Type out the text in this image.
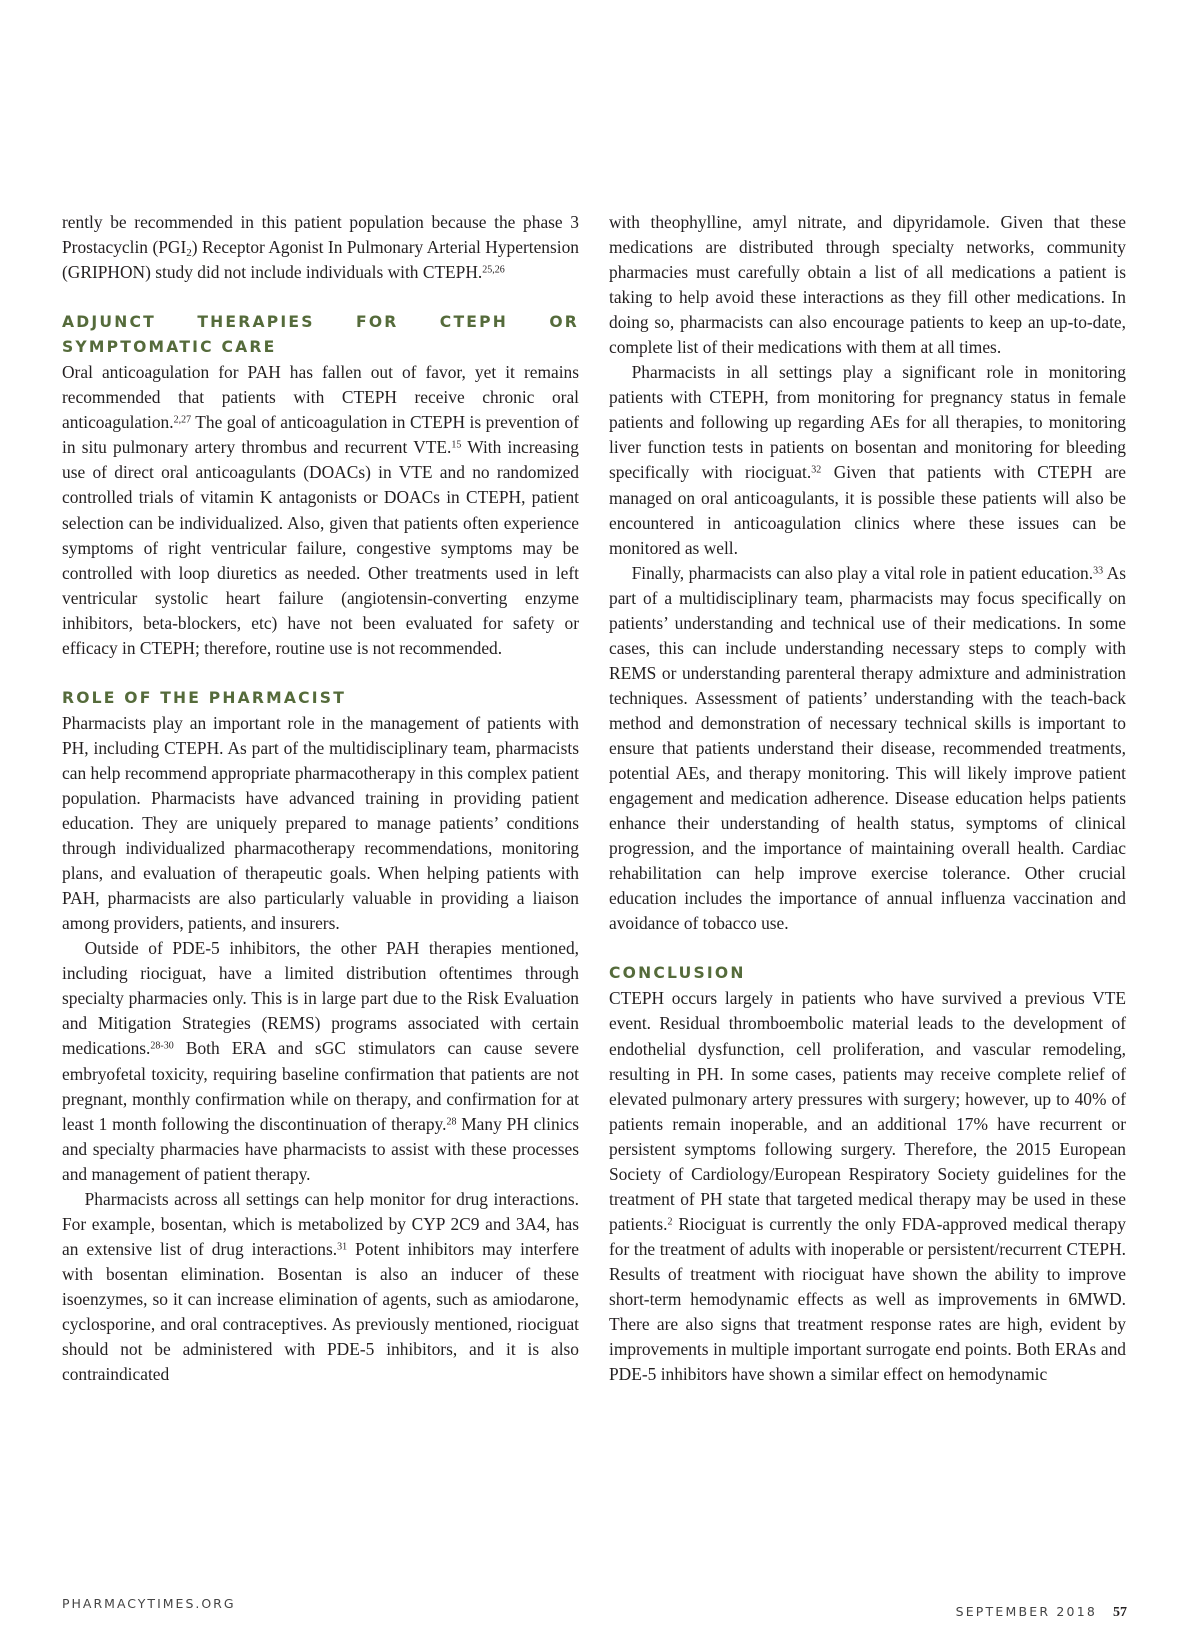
rently be recommended in this patient population because the phase 3 Prostacyclin $(PGI_2)$ Receptor Agonist In Pulmonary Arterial Hypertension (GRIPHON) study did not include individuals with CTEPH.$^{25,26}$

ADJUNCT THERAPIES FOR CTEPH OR SYMPTOMATIC CARE

Oral anticoagulation for PAH has fallen out of favor, yet it remains recommended that patients with CTEPH receive chronic oral anticoagulation.$^{2,27}$ The goal of anticoagulation in CTEPH is prevention of in situ pulmonary artery thrombus and recurrent VTE.$^{15}$ With increasing use of direct oral anticoagulants (DOACs) in VTE and no randomized controlled trials of vitamin K antagonists or DOACs in CTEPH, patient selection can be individualized. Also, given that patients often experience symptoms of right ventricular failure, congestive symptoms may be controlled with loop diuretics as needed. Other treatments used in left ventricular systolic heart failure (angiotensin-converting enzyme inhibitors, beta-blockers, etc) have not been evaluated for safety or efficacy in CTEPH; therefore, routine use is not recommended.

ROLE OF THE PHARMACIST

Pharmacists play an important role in the management of patients with PH, including CTEPH. As part of the multidisciplinary team, pharmacists can help recommend appropriate pharmacotherapy in this complex patient population. Pharmacists have advanced training in providing patient education. They are uniquely prepared to manage patients’ conditions through individualized pharmacotherapy recommendations, monitoring plans, and evaluation of therapeutic goals. When helping patients with PAH, pharmacists are also particularly valuable in providing a liaison among providers, patients, and insurers.

Outside of PDE-5 inhibitors, the other PAH therapies mentioned, including riociguat, have a limited distribution oftentimes through specialty pharmacies only. This is in large part due to the Risk Evaluation and Mitigation Strategies (REMS) programs associated with certain medications.$^{28-30}$ Both ERA and sGC stimulators can cause severe embryofetal toxicity, requiring baseline confirmation that patients are not pregnant, monthly confirmation while on therapy, and confirmation for at least 1 month following the discontinuation of therapy.$^{28}$ Many PH clinics and specialty pharmacies have pharmacists to assist with these processes and management of patient therapy.

Pharmacists across all settings can help monitor for drug interactions. For example, bosentan, which is metabolized by CYP 2C9 and 3A4, has an extensive list of drug interactions.$^{31}$ Potent inhibitors may interfere with bosentan elimination. Bosentan is also an inducer of these isoenzymes, so it can increase elimination of agents, such as amiodarone, cyclosporine, and oral contraceptives. As previously mentioned, riociguat should not be administered with PDE-5 inhibitors, and it is also contraindicated

with theophylline, amyl nitrate, and dipyridamole. Given that these medications are distributed through specialty networks, community pharmacies must carefully obtain a list of all medications a patient is taking to help avoid these interactions as they fill other medications. In doing so, pharmacists can also encourage patients to keep an up-to-date, complete list of their medications with them at all times.

Pharmacists in all settings play a significant role in monitoring patients with CTEPH, from monitoring for pregnancy status in female patients and following up regarding AEs for all therapies, to monitoring liver function tests in patients on bosentan and monitoring for bleeding specifically with riociguat.$^{32}$ Given that patients with CTEPH are managed on oral anticoagulants, it is possible these patients will also be encountered in anticoagulation clinics where these issues can be monitored as well.

Finally, pharmacists can also play a vital role in patient education.$^{33}$ As part of a multidisciplinary team, pharmacists may focus specifically on patients’ understanding and technical use of their medications. In some cases, this can include understanding necessary steps to comply with REMS or understanding parenteral therapy admixture and administration techniques. Assessment of patients’ understanding with the teach-back method and demonstration of necessary technical skills is important to ensure that patients understand their disease, recommended treatments, potential AEs, and therapy monitoring. This will likely improve patient engagement and medication adherence. Disease education helps patients enhance their understanding of health status, symptoms of clinical progression, and the importance of maintaining overall health. Cardiac rehabilitation can help improve exercise tolerance. Other crucial education includes the importance of annual influenza vaccination and avoidance of tobacco use.

CONCLUSION

CTEPH occurs largely in patients who have survived a previous VTE event. Residual thromboembolic material leads to the development of endothelial dysfunction, cell proliferation, and vascular remodeling, resulting in PH. In some cases, patients may receive complete relief of elevated pulmonary artery pressures with surgery; however, up to 40% of patients remain inoperable, and an additional 17% have recurrent or persistent symptoms following surgery. Therefore, the 2015 European Society of Cardiology/European Respiratory Society guidelines for the treatment of PH state that targeted medical therapy may be used in these patients.$^2$ Riociguat is currently the only FDA-approved medical therapy for the treatment of adults with inoperable or persistent/recurrent CTEPH. Results of treatment with riociguat have shown the ability to improve short-term hemodynamic effects as well as improvements in 6MWD. There are also signs that treatment response rates are high, evident by improvements in multiple important surrogate end points. Both ERAs and PDE-5 inhibitors have shown a similar effect on hemodynamic

PHARMACYTIMES.ORG
SEPTEMBER 2018 57
